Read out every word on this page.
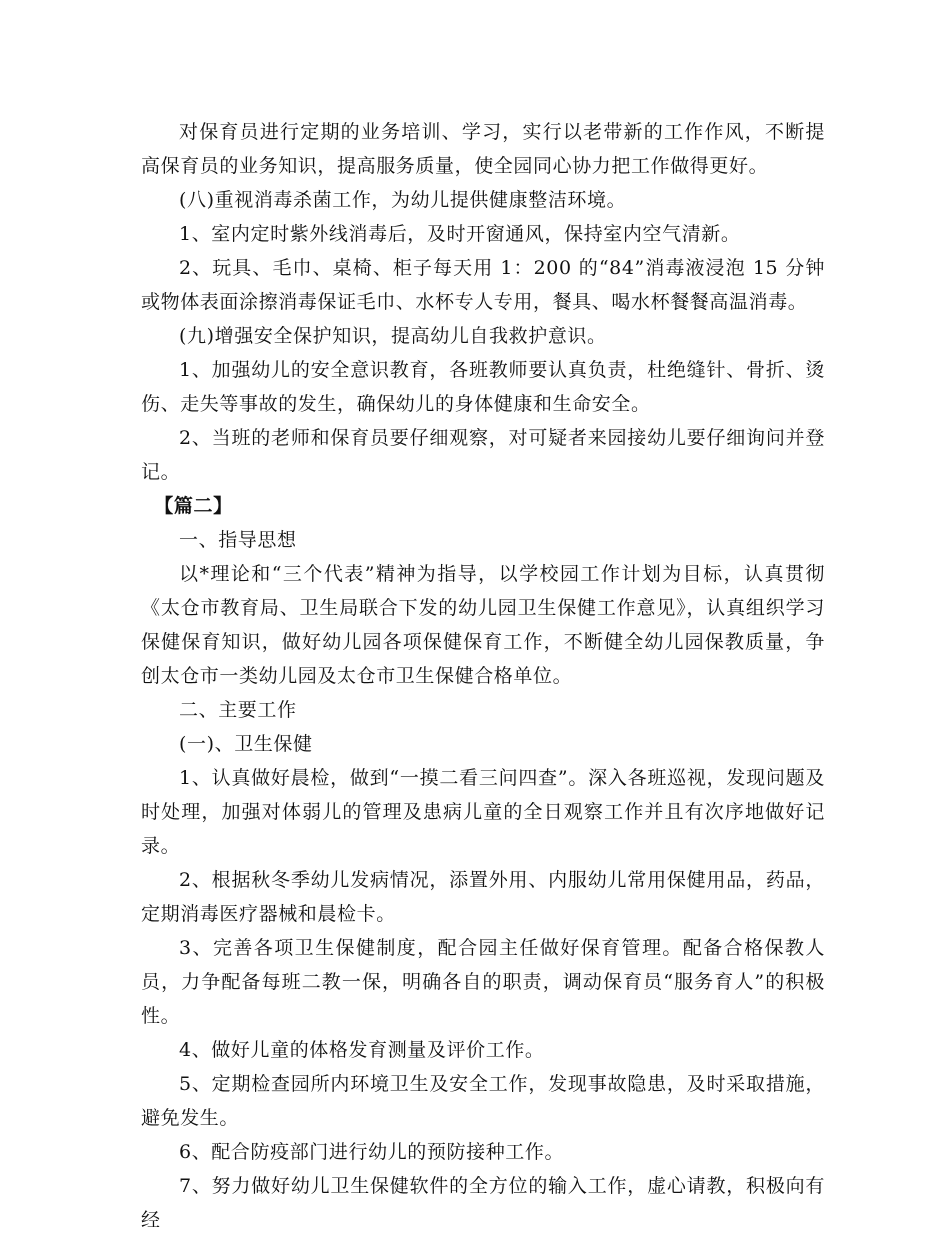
对保育员进行定期的业务培训、学习，实行以老带新的工作作风，不断提高保育员的业务知识，提高服务质量，使全园同心协力把工作做得更好。

(八)重视消毒杀菌工作，为幼儿提供健康整洁环境。

1、室内定时紫外线消毒后，及时开窗通风，保持室内空气清新。

2、玩具、毛巾、桌椅、柜子每天用 1：200 的“84”消毒液浸泡 15 分钟或物体表面涂擦消毒保证毛巾、水杯专人专用，餐具、喝水杯餐餐高温消毒。

(九)增强安全保护知识，提高幼儿自我救护意识。

1、加强幼儿的安全意识教育，各班教师要认真负责，杜绝缝针、骨折、烫伤、走失等事故的发生，确保幼儿的身体健康和生命安全。

2、当班的老师和保育员要仔细观察，对可疑者来园接幼儿要仔细询问并登记。

【篇二】

一、指导思想

以*理论和“三个代表”精神为指导，以学校园工作计划为目标，认真贯彻《太仓市教育局、卫生局联合下发的幼儿园卫生保健工作意见》，认真组织学习保健保育知识，做好幼儿园各项保健保育工作，不断健全幼儿园保教质量，争创太仓市一类幼儿园及太仓市卫生保健合格单位。

二、主要工作

(一)、卫生保健

1、认真做好晨检，做到“一摸二看三问四查”。深入各班巡视，发现问题及时处理，加强对体弱儿的管理及患病儿童的全日观察工作并且有次序地做好记录。

2、根据秋冬季幼儿发病情况，添置外用、内服幼儿常用保健用品，药品，定期消毒医疗器械和晨检卡。

3、完善各项卫生保健制度，配合园主任做好保育管理。配备合格保教人员，力争配备每班二教一保，明确各自的职责，调动保育员“服务育人”的积极性。

4、做好儿童的体格发育测量及评价工作。

5、定期检查园所内环境卫生及安全工作，发现事故隐患，及时采取措施，避免发生。

6、配合防疫部门进行幼儿的预防接种工作。

7、努力做好幼儿卫生保健软件的全方位的输入工作，虚心请教，积极向有经
